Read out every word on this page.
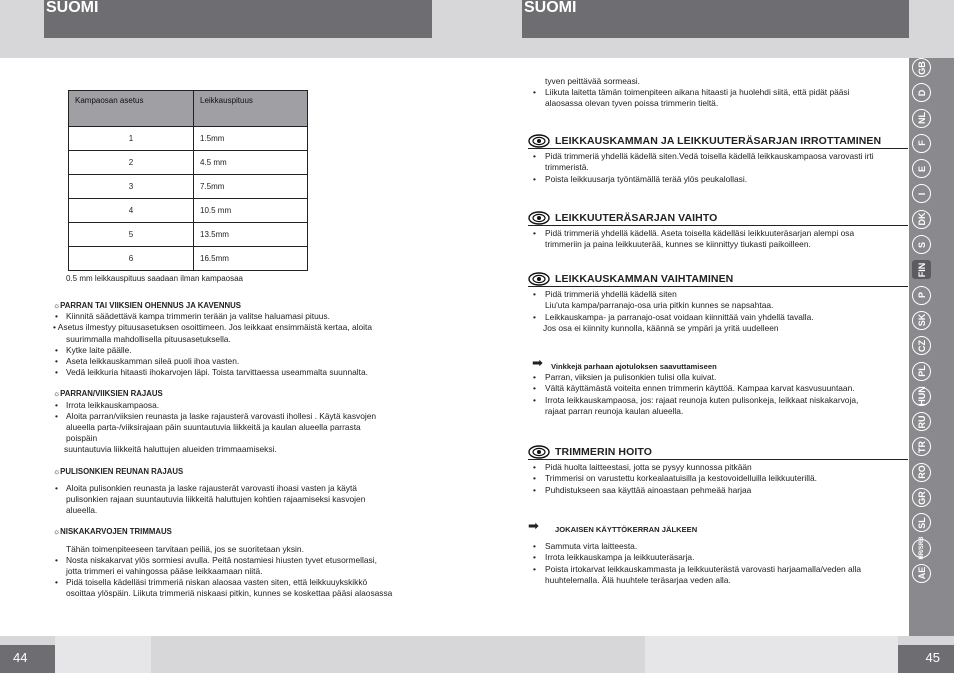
SUOMI	SUOMI
44	45
GB
D
NL
F
E
I
DK
S
FIN
P
SK
CZ
PL
HUN
RU
TR
RO
GR
SL
HR/SRB
AE
Kampaosan asetus	Leikkauspituus
1	1.5mm
2	4.5 mm
3	7.5mm
4	10.5 mm
5	13.5mm
6	16.5mm
0.5 mm leikkauspituus saadaan ilman kampaosaa

☼PARRAN TAI VIIKSIEN OHENNUS JA KAVENNUS

• Kiinnitä säädettävä kampa trimmerin terään ja valitse haluamasi pituus.

• Asetus ilmestyy pituusasetuksen osoittimeen. Jos leikkaat ensimmäistä kertaa, aloita

suurimmalla mahdollisella pituusasetuksella.

• Kytke laite päälle.

• Aseta leikkauskamman sileä puoli ihoa vasten.

• Vedä leikkuria hitaasti ihokarvojen läpi. Toista tarvittaessa useammalta suunnalta.

☼PARRAN/VIIKSIEN RAJAUS

• Irrota leikkauskampaosa.

• Aloita parran/viiksien reunasta ja laske rajausterä varovasti ihollesi . Käytä kasvojen

alueella parta-/viiksirajaan päin suuntautuvia liikkeitä ja kaulan alueella parrasta

poispäin

suuntautuvia liikkeitä haluttujen alueiden trimmaamiseksi.

☼PULISONKIEN REUNAN RAJAUS

• Aloita pulisonkien reunasta ja laske rajausterät varovasti ihoasi vasten ja käytä

pulisonkien rajaan suuntautuvia liikkeitä haluttujen kohtien rajaamiseksi kasvojen

alueella.

☼NISKAKARVOJEN TRIMMAUS

Tähän toimenpiteeseen tarvitaan peiliä, jos se suoritetaan yksin.

• Nosta niskakarvat ylös sormiesi avulla. Peitä nostamiesi hiusten tyvet etusormellasi,

jotta trimmeri ei vahingossa pääse leikkaamaan niitä.

• Pidä toisella kädelläsi trimmeriä niskan alaosaa vasten siten, että leikkuuykskikkö

osoittaa ylöspäin. Liikuta trimmeriä niskaasi pitkin, kunnes se koskettaa pääsi alaosassa

tyven peittävää sormeasi.

• Liikuta laitetta tämän toimenpiteen aikana hitaasti ja huolehdi siitä, että pidät pääsi

alaosassa olevan tyven poissa trimmerin tieltä.

LEIKKAUSKAMMAN JA LEIKKUUTERÄSARJAN IRROTTAMINEN

• Pidä trimmeriä yhdellä kädellä siten.Vedä toisella kädellä leikkauskampaosa varovasti irti

trimmeristä.

• Poista leikkuusarja työntämällä terää ylös peukalollasi.

LEIKKUUTERÄSARJAN VAIHTO

• Pidä trimmeriä yhdellä kädellä. Aseta toisella kädelläsi leikkuuteräsarjan alempi osa

trimmeriin ja paina leikkuuterää, kunnes se kiinnittyy tiukasti paikoilleen.

LEIKKAUSKAMMAN VAIHTAMINEN

• Pidä trimmeriä yhdellä kädellä siten

Liu'uta kampa/parranajo-osa uria pitkin kunnes se napsahtaa.

• Leikkauskampa- ja parranajo-osat voidaan kiinnittää vain yhdellä tavalla.

Jos osa ei kiinnity kunnolla, käännä se ympäri ja yritä uudelleen

➡ Vinkkejä parhaan ajotuloksen saavuttamiseen

• Parran, viiksien ja pulisonkien tulisi olla kuivat.

• Vältä käyttämästä voiteita ennen trimmerin käyttöä. Kampaa karvat kasvusuuntaan.

• Irrota leikkauskampaosa, jos: rajaat reunoja kuten pulisonkeja, leikkaat niskakarvoja,

rajaat parran reunoja kaulan alueella.

TRIMMERIN HOITO

• Pidä huolta laitteestasi, jotta se pysyy kunnossa pitkään

• Trimmerisi on varustettu korkealaatuisilla ja kestovoidelluilla leikkuuterillä.

• Puhdistukseen saa käyttää ainoastaan pehmeää harjaa

➡ JOKAISEN KÄYTTÖKERRAN JÄLKEEN

• Sammuta virta laitteesta.

• Irrota leikkauskampa ja leikkuuteräsarja.

• Poista irtokarvat leikkauskammasta ja leikkuuterästä varovasti harjaamalla/veden alla

huuhtelemalla. Älä huuhtele teräsarjaa veden alla.
